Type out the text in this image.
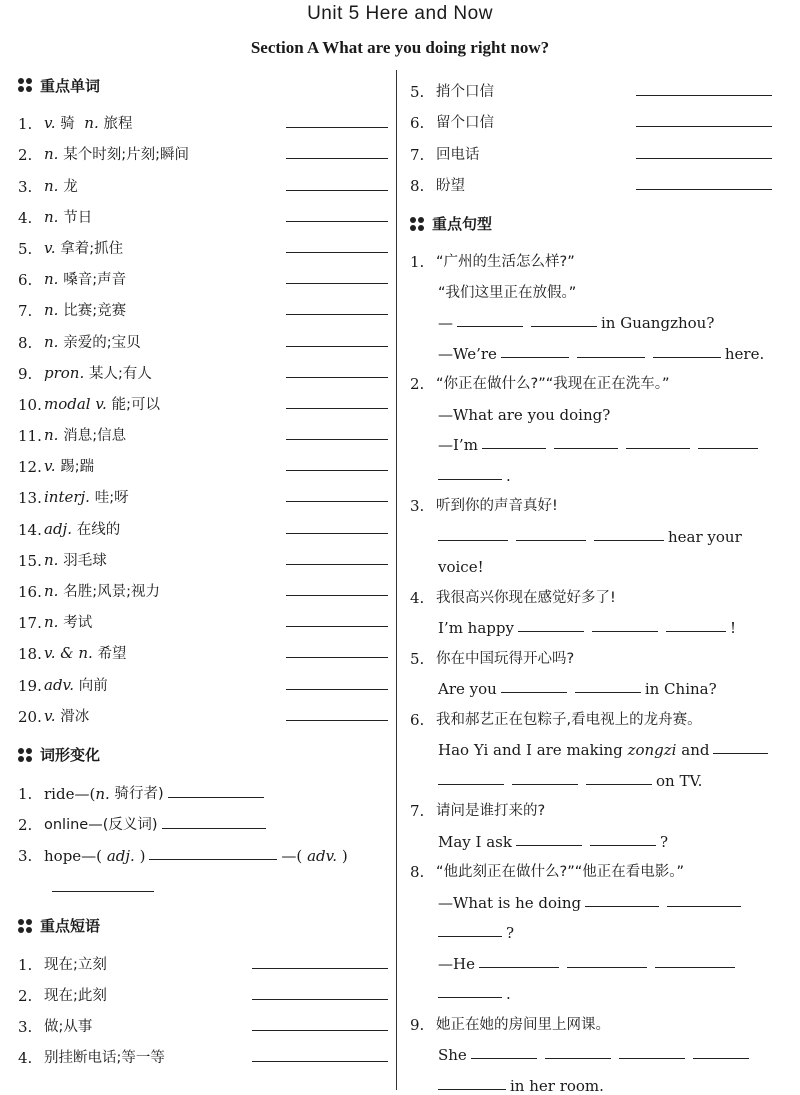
Unit 5 Here and Now
Section A What are you doing right now?
重点单词
1. v. 骑 n. 旅程
2. n. 某个时刻;片刻;瞬间
3. n. 龙
4. n. 节日
5. v. 拿着;抓住
6. n. 嗓音;声音
7. n. 比赛;竞赛
8. n. 亲爱的;宝贝
9. pron. 某人;有人
10. modal v. 能;可以
11. n. 消息;信息
12. v. 踢;踹
13. interj. 哇;呀
14. adj. 在线的
15. n. 羽毛球
16. n. 名胜;风景;视力
17. n. 考试
18. v. & n. 希望
19. adv. 向前
20. v. 滑冰
词形变化
1. ride—( n.
骑行者)
2. online—(反义词)
3. hope—(
adj.
)	—(
adv.
)
重点短语
1. 现在;立刻
2. 现在;此刻
3. 做;从事
4. 别挂断电话;等一等
5. 捎个口信
6. 留个口信
7. 回电话
8. 盼望
重点句型
1. “广州的生活怎么样?”
“我们这里正在放假。”
—	in Guangzhou?
—We’re	here.
2. “你正在做什么?”“我现在正在洗车。”
—What are you doing?
—I’m
.
3. 听到你的声音真好!
hear your
voice!
4. 我很高兴你现在感觉好多了!
I’m happy	!
5. 你在中国玩得开心吗?
Are you	in China?
6. 我和郝艺正在包粽子,看电视上的龙舟赛。
Hao Yi and I are making
zongzi
and
on TV.
7. 请问是谁打来的?
May I ask	?
8. “他此刻正在做什么?”“他正在看电影。”
—What is he doing
?
—He
.
9. 她正在她的房间里上网课。
She
in her room.
